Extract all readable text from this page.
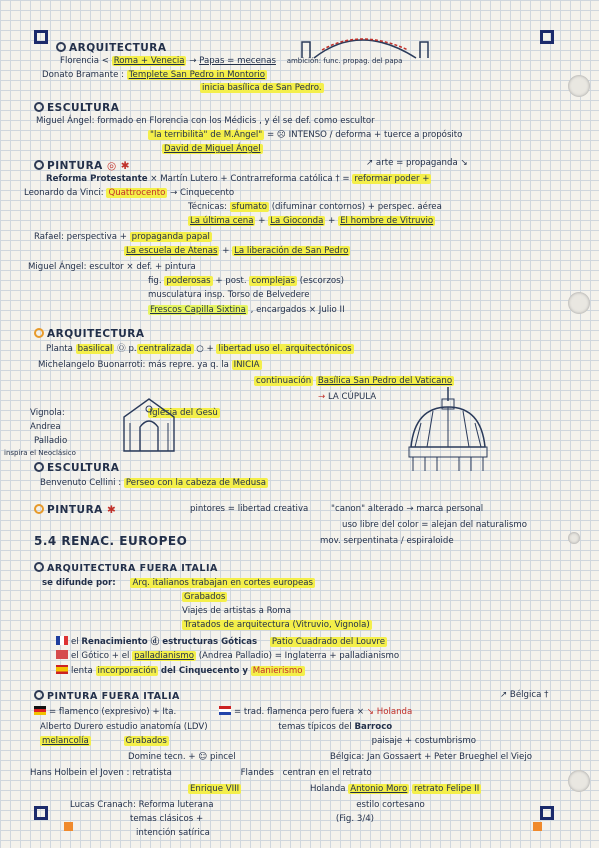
ARQUITECTURA
Florencia < Roma + Venecia → Papas = mecenas ambición: func. propag. del papa
Donato Bramante : Templete San Pedro in Montorio
inicia basílica de San Pedro.
ESCULTURA
Miguel Ángel: formado en Florencia con los Médicis , y él se def. como escultor
"la terribilità" de M.Ángel" = ☹ INTENSO / deforma + tuerce a propósito
David de Miguel Ángel
PINTURA ◎ ✱	↗ arte = propaganda ↘
Reforma Protestante × Martín Lutero + Contrarreforma católica † = reformar poder +
Leonardo da Vinci: Quattrocento → Cinquecento
Técnicas: sfumato (difuminar contornos) + perspec. aérea
La última cena + La Gioconda + El hombre de Vitruvio
Rafael: perspectiva + propaganda papal
La escuela de Atenas + La liberación de San Pedro
Miguel Ángel: escultor × def. + pintura
fig. poderosas + post. complejas (escorzos)
musculatura insp. Torso de Belvedere
Frescos Capilla Sixtina , encargados × Julio II
ARQUITECTURA
Planta basilical Ⓞ p. centralizada ○ + libertad uso el. arquitectónicos
Michelangelo Buonarroti: más repre. ya q. la INICIA
continuación Basílica San Pedro del Vaticano
→ LA CÚPULA
Vignola:	Iglesia del Gesù
Andrea
Palladio
inspira el Neoclásico
ESCULTURA
Benvenuto Cellini : Perseo con la cabeza de Medusa
PINTURA ✱	pintores = libertad creativa	"canon" alterado → marca personal
uso libre del color = alejan del naturalismo
mov. serpentinata / espiraloide
5.4 RENAC. EUROPEO
ARQUITECTURA FUERA ITALIA
se difunde por: Arq. italianos trabajan en cortes europeas
Grabados
Viajes de artistas a Roma
Tratados de arquitectura (Vitruvio, Vignola)
el Renacimiento ⓓ estructuras Góticas Patio Cuadrado del Louvre
el Gótico + el palladianismo (Andrea Palladio) = Inglaterra + palladianismo
lenta incorporación del Cinquecento y Manierismo
PINTURA FUERA ITALIA	↗ Bélgica †
= flamenco (expresivo) + Ita.	= trad. flamenca pero fuera × ↘ Holanda
Alberto Durero estudio anatomía (LDV)	temas típicos del Barroco
melancolía	Grabados	paisaje + costumbrismo
Domine tecn. + ☺ pincel	Bélgica: Jan Gossaert + Peter Brueghel el Viejo
Hans Holbein el Joven : retratista	Flandes centran en el retrato
Enrique VIII	Holanda Antonio Moro retrato Felipe II
Lucas Cranach: Reforma luterana	estilo cortesano
temas clásicos +	(Fig. 3/4)
intención satírica
